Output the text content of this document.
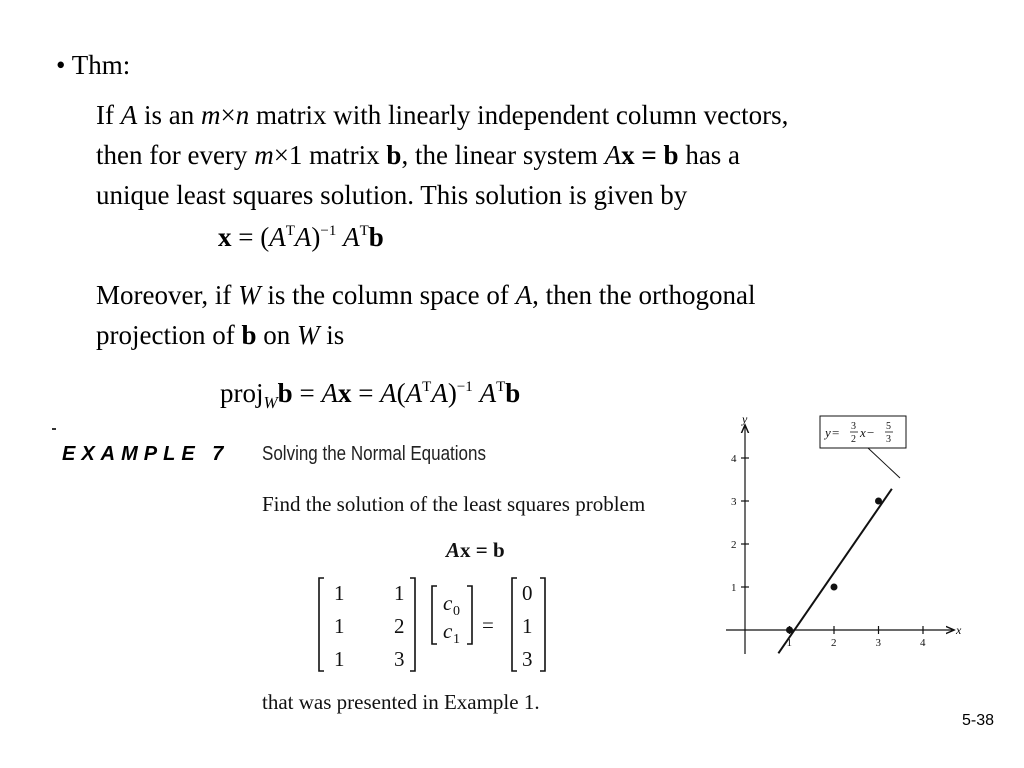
• Thm:
If A is an m×n matrix with linearly independent column vectors,
then for every m×1 matrix b, the linear system Ax = b has a
unique least squares solution. This solution is given by
$x = (A^TA)^{-1}$ $A^Tb$
Moreover, if W is the column space of A, then the orthogonal
projection of b on W is
proj$_W$b = $Ax = A(A^TA)^{-1}$ $A^Tb$
EXAMPLE 7 Solving the Normal Equations
Find the solution of the least squares problem
Ax = b
1 1
1 2
1 3
c 0
c 1
=
0
1
3
that was presented in Example 1.
1	2	3	4
1
2
3
4
x
y
y = 3
2 x − 5
3
5-38
